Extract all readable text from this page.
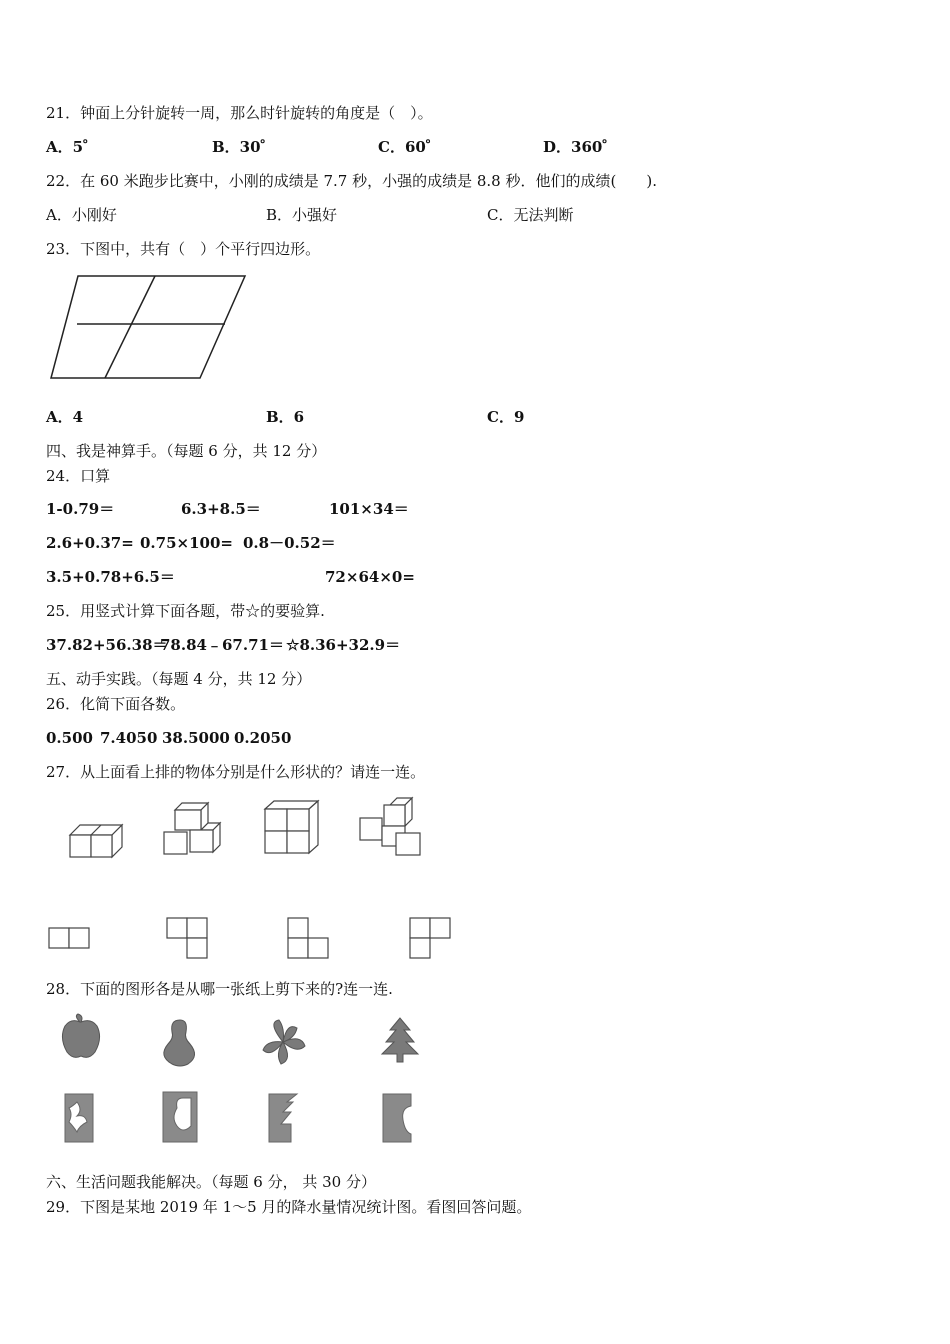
21．钟面上分针旋转一周，那么时针旋转的角度是（　）。
A．5゜	B．30゜	C．60゜	D．360゜
22．在 60 米跑步比赛中，小刚的成绩是 7.7 秒，小强的成绩是 8.8 秒．他们的成绩(　　).
A．小刚好	B．小强好	C．无法判断
23．下图中，共有（　）个平行四边形。
A．4	B．6	C．9
四、我是神算手。（每题 6 分，共 12 分）
24．口算
1-0.79＝	6.3+8.5＝	101×34＝
2.6+0.37= 0.75×100= 0.8－0.52＝
3.5+0.78+6.5＝	72×64×0=
25．用竖式计算下面各题，带☆的要验算.
37.82+56.38＝
78.84﹣67.71＝ ☆8.36+32.9＝
五、动手实践。（每题 4 分，共 12 分）
26．化简下面各数。
0.500 7.4050 38.5000 0.2050
27．从上面看上排的物体分别是什么形状的？请连一连。
28．下面的图形各是从哪一张纸上剪下来的?连一连.
六、生活问题我能解决。（每题 6 分， 共 30 分）
29．下图是某地 2019 年 1～5 月的降水量情况统计图。看图回答问题。
